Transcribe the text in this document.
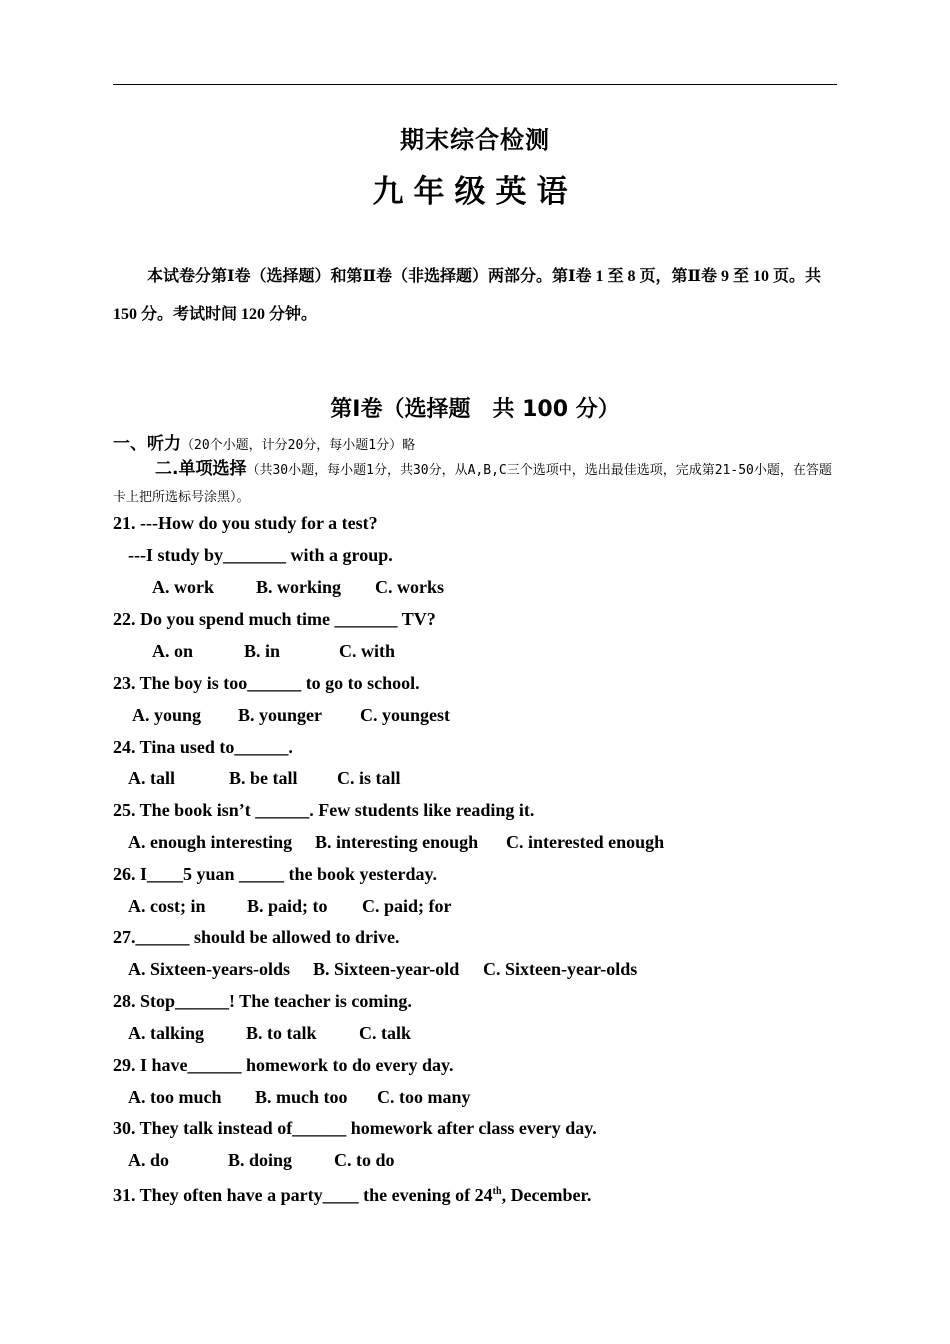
期末综合检测
九年级英语
本试卷分第Ⅰ卷（选择题）和第Ⅱ卷（非选择题）两部分。第Ⅰ卷 1 至 8 页，第Ⅱ卷 9 至 10 页。共 150 分。考试时间 120 分钟。
第Ⅰ卷（选择题　共 100 分）
一、听力（20个小题，计分20分，每小题1分）略
二.单项选择（共30小题，每小题1分，共30分，从A,B,C三个选项中，选出最佳选项，完成第21-50小题，在答题卡上把所选标号涂黑）。
21. ---How do you study for a test?
---I study by_______ with a group.
A. work B. working C. works
22. Do you spend much time _______ TV?
A. on	B. in	C. with
23. The boy is too______ to go to school.
A. young B. younger C. youngest
24. Tina used to______.
A. tall	B. be tall C. is tall
25. The book isn’t ______. Few students like reading it.
A. enough interesting B. interesting enough C. interested enough
26. I____5 yuan _____ the book yesterday.
A. cost; in B. paid; to C. paid; for
27.______ should be allowed to drive.
A. Sixteen-years-olds B. Sixteen-year-old C. Sixteen-year-olds
28. Stop______! The teacher is coming.
A. talking B. to talk C. talk
29. I have______ homework to do every day.
A. too much B. much too C. too many
30. They talk instead of______ homework after class every day.
A. do	B. doing C. to do
31. They often have a party____ the evening of 24th, December.
